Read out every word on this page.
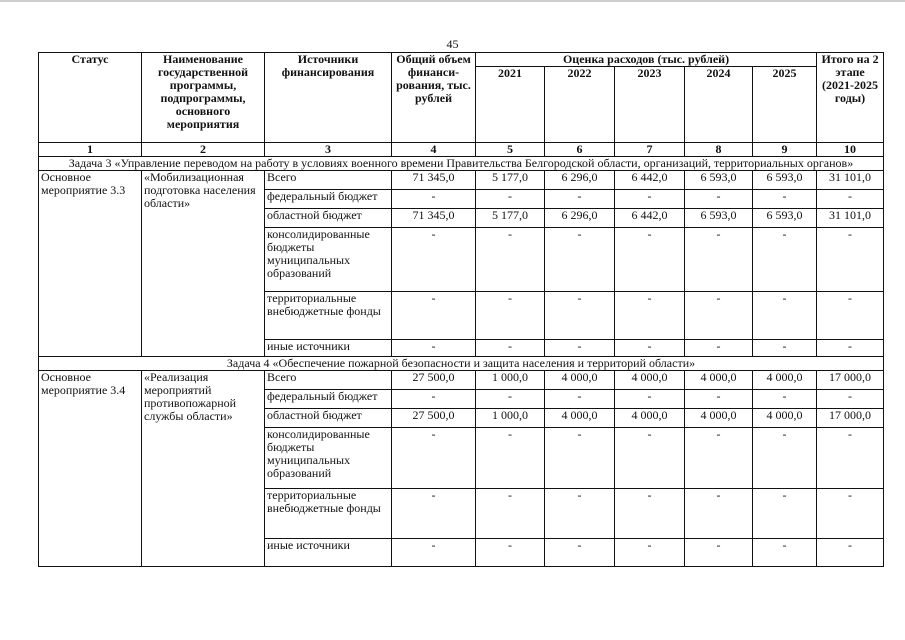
45
Статус	Наименование государственной программы, подпрограммы, основного мероприятия	Источники финансирования	Общий объем финанси-рования, тыс. рублей	Оценка расходов (тыс. рублей)					Итого на 2 этапе (2021-2025 годы)
				2021	2022	2023	2024	2025	
1	2	3	4	5	6	7	8	9	10
Задача 3 «Управление переводом на работу в условиях военного времени Правительства Белгородской области, организаций, территориальных органов»									
Основное мероприятие 3.3	«Мобилизационная подготовка населения области»	Всего	71 345,0	5 177,0	6 296,0	6 442,0	6 593,0	6 593,0	31 101,0
		федеральный бюджет	-	-	-	-	-	-	-
		областной бюджет	71 345,0	5 177,0	6 296,0	6 442,0	6 593,0	6 593,0	31 101,0
		консолидированные бюджеты муниципальных образований	-	-	-	-	-	-	-
		территориальные внебюджетные фонды	-	-	-	-	-	-	-
		иные источники	-	-	-	-	-	-	-
Задача 4 «Обеспечение пожарной безопасности и защита населения и территорий области»									
Основное мероприятие 3.4	«Реализация мероприятий противопожарной службы области»	Всего	27 500,0	1 000,0	4 000,0	4 000,0	4 000,0	4 000,0	17 000,0
		федеральный бюджет	-	-	-	-	-	-	-
		областной бюджет	27 500,0	1 000,0	4 000,0	4 000,0	4 000,0	4 000,0	17 000,0
		консолидированные бюджеты муниципальных образований	-	-	-	-	-	-	-
		территориальные внебюджетные фонды	-	-	-	-	-	-	-
		иные источники	-	-	-	-	-	-	-
